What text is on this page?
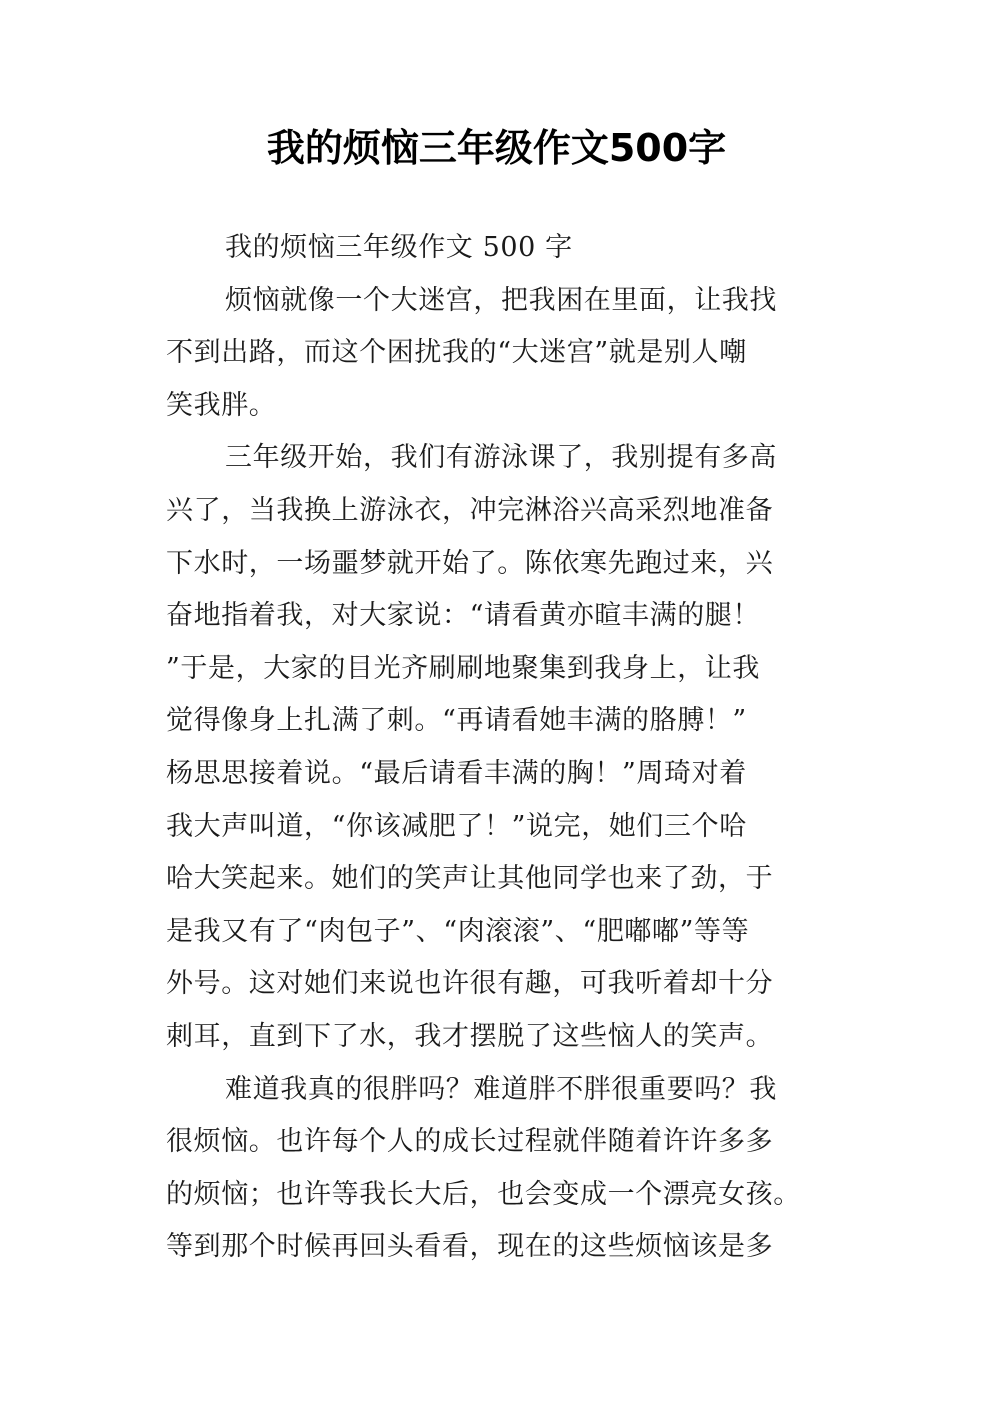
我的烦恼三年级作文500字
我的烦恼三年级作文 500 字
烦恼就像一个大迷宫，把我困在里面，让我找
不到出路，而这个困扰我的“大迷宫”就是别人嘲
笑我胖。
三年级开始，我们有游泳课了，我别提有多高
兴了，当我换上游泳衣，冲完淋浴兴高采烈地准备
下水时，一场噩梦就开始了。陈依寒先跑过来，兴
奋地指着我，对大家说：“请看黄亦暄丰满的腿！
”于是，大家的目光齐刷刷地聚集到我身上，让我
觉得像身上扎满了刺。“再请看她丰满的胳膊！”
杨思思接着说。“最后请看丰满的胸！”周琦对着
我大声叫道，“你该减肥了！”说完，她们三个哈
哈大笑起来。她们的笑声让其他同学也来了劲，于
是我又有了“肉包子”、“肉滚滚”、“肥嘟嘟”等等
外号。这对她们来说也许很有趣，可我听着却十分
刺耳，直到下了水，我才摆脱了这些恼人的笑声。
难道我真的很胖吗？难道胖不胖很重要吗？我
很烦恼。也许每个人的成长过程就伴随着许许多多
的烦恼；也许等我长大后，也会变成一个漂亮女孩。
等到那个时候再回头看看，现在的这些烦恼该是多
